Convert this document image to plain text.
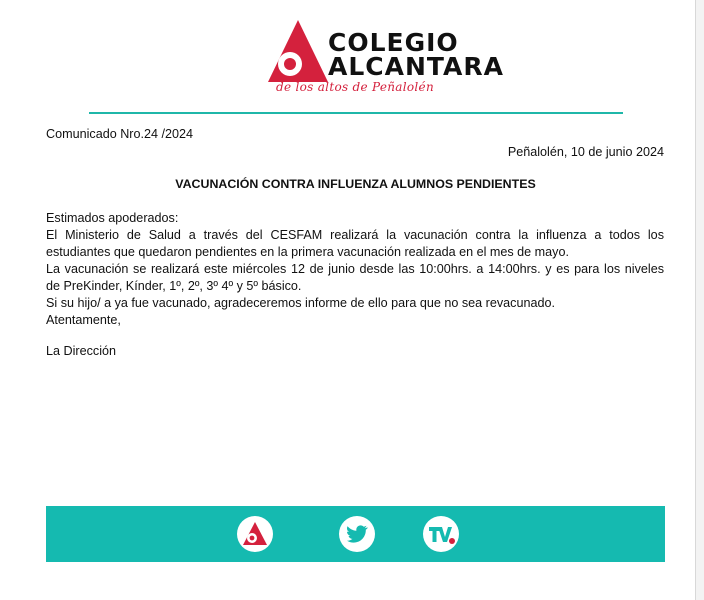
COLEGIO
ALCANTARA
de los altos de Peñalolén
Comunicado Nro.24 /2024
Peñalolén, 10 de junio 2024
VACUNACIÓN CONTRA INFLUENZA ALUMNOS PENDIENTES

Estimados apoderados:

El Ministerio de Salud a través del CESFAM realizará la vacunación contra la influenza a todos los

estudiantes que quedaron pendientes en la primera vacunación realizada en el mes de mayo.

La vacunación se realizará este miércoles 12 de junio desde las 10:00hrs. a 14:00hrs. y es para los niveles

de PreKinder, Kínder, 1º, 2º, 3º 4º y 5º básico.

Si su hijo/ a ya fue vacunado, agradeceremos informe de ello para que no sea revacunado.

Atentamente,

La Dirección
